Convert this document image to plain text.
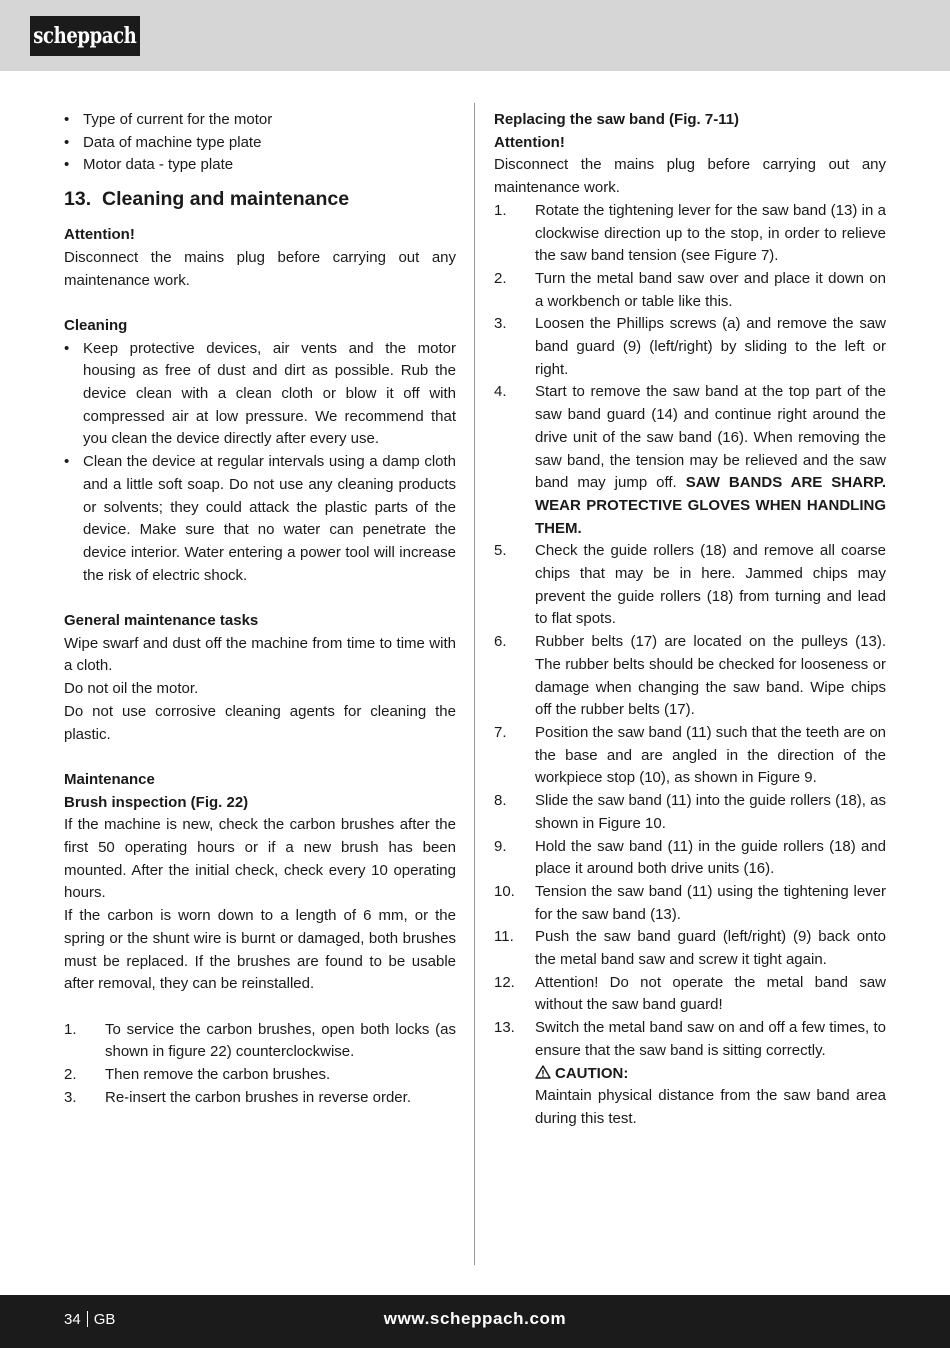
scheppach
• Type of current for the motor
• Data of machine type plate
• Motor data - type plate
13. Cleaning and maintenance

Attention!

Disconnect the mains plug before carrying out any maintenance work.

Cleaning

• Keep protective devices, air vents and the motor housing as free of dust and dirt as possible. Rub the device clean with a clean cloth or blow it off with compressed air at low pressure. We recommend that you clean the device directly after every use.
• Clean the device at regular intervals using a damp cloth and a little soft soap. Do not use any cleaning products or solvents; they could attack the plastic parts of the device. Make sure that no water can penetrate the device interior. Water entering a power tool will increase the risk of electric shock.

General maintenance tasks

Wipe swarf and dust off the machine from time to time with a cloth.

Do not oil the motor.

Do not use corrosive cleaning agents for cleaning the plastic.

Maintenance

Brush inspection (Fig. 22)

If the machine is new, check the carbon brushes after the first 50 operating hours or if a new brush has been mounted. After the initial check, check every 10 operating hours.

If the carbon is worn down to a length of 6 mm, or the spring or the shunt wire is burnt or damaged, both brushes must be replaced. If the brushes are found to be usable after removal, they can be reinstalled.

1.	To service the carbon brushes, open both locks (as shown in figure 22) counterclockwise.
2.	Then remove the carbon brushes.
3.	Re-insert the carbon brushes in reverse order.

Replacing the saw band (Fig. 7-11)

Attention!

Disconnect the mains plug before carrying out any maintenance work.

1.	Rotate the tightening lever for the saw band (13) in a clockwise direction up to the stop, in order to relieve the saw band tension (see Figure 7).
2.	Turn the metal band saw over and place it down on a workbench or table like this.
3.	Loosen the Phillips screws (a) and remove the saw band guard (9) (left/right) by sliding to the left or right.
4.	Start to remove the saw band at the top part of the saw band guard (14) and continue right around the drive unit of the saw band (16). When removing the saw band, the tension may be relieved and the saw band may jump off. SAW BANDS ARE SHARP. WEAR PROTECTIVE GLOVES WHEN HANDLING THEM.
5.	Check the guide rollers (18) and remove all coarse chips that may be in here. Jammed chips may prevent the guide rollers (18) from turning and lead to flat spots.
6.	Rubber belts (17) are located on the pulleys (13). The rubber belts should be checked for looseness or damage when changing the saw band. Wipe chips off the rubber belts (17).
7.	Position the saw band (11) such that the teeth are on the base and are angled in the direction of the workpiece stop (10), as shown in Figure 9.
8.	Slide the saw band (11) into the guide rollers (18), as shown in Figure 10.
9.	Hold the saw band (11) in the guide rollers (18) and place it around both drive units (16).
10.	Tension the saw band (11) using the tightening lever for the saw band (13).
11.	Push the saw band guard (left/right) (9) back onto the metal band saw and screw it tight again.
12.	Attention! Do not operate the metal band saw without the saw band guard!
13.	Switch the metal band saw on and off a few times, to ensure that the saw band is sitting correctly.
CAUTION:
Maintain physical distance from the saw band area during this test.
34 GB	www.scheppach.com
